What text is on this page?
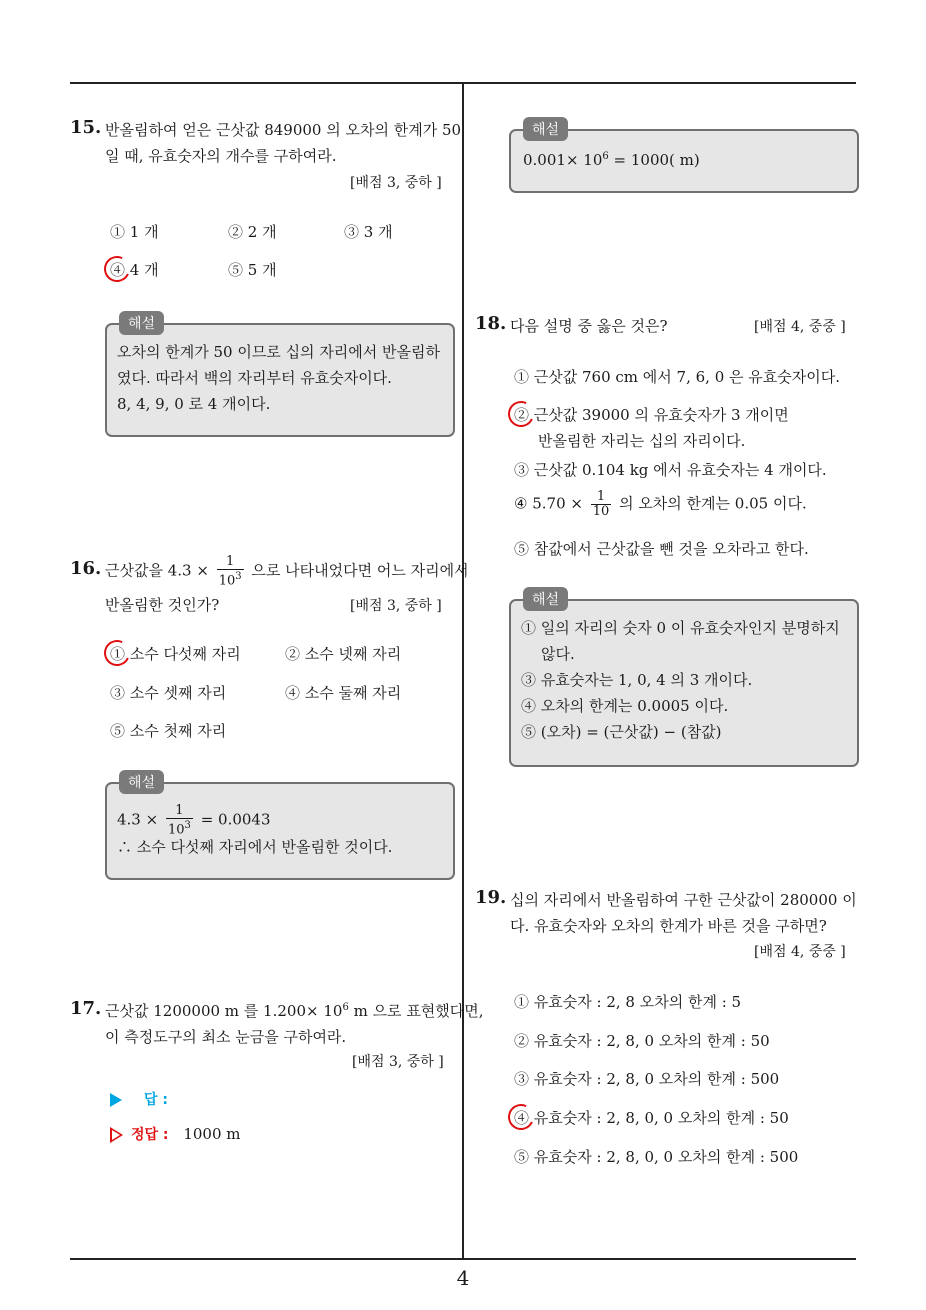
15. 반올림하여 얻은 근삿값 849000 의 오차의 한계가 50
일 때, 유효숫자의 개수를 구하여라.
[배점 3, 중하 ]
① 1 개	② 2 개	③ 3 개
④ 4 개	⑤ 5 개
해설
오차의 한계가 50 이므로 십의 자리에서 반올림하
였다. 따라서 백의 자리부터 유효숫자이다.
8, 4, 9, 0 로 4 개이다.
16. 근삿값을 $4.3 \times \frac{1}{10^3}$ 으로 나타내었다면 어느 자리에서
반올림한 것인가?	[배점 3, 중하 ]
① 소수 다섯째 자리	② 소수 넷째 자리
③ 소수 셋째 자리	④ 소수 둘째 자리
⑤ 소수 첫째 자리
해설
$4.3 \times \frac{1}{10^3} = 0.0043$
∴ 소수 다섯째 자리에서 반올림한 것이다.
17. 근삿값 1200000 m 를 $1.200\times 10^6$ m 으로 표현했다면,
이 측정도구의 최소 눈금을 구하여라.
[배점 3, 중하 ]
답 :
정답 : 1000 m
해설
$0.001\times 10^6 = 1000$( m)
18. 다음 설명 중 옳은 것은?	[배점 4, 중중 ]
① 근삿값 760 cm 에서 7, 6, 0 은 유효숫자이다.
② 근삿값 39000 의 유효숫자가 3 개이면
반올림한 자리는 십의 자리이다.
③ 근삿값 0.104 kg 에서 유효숫자는 4 개이다.
④ $5.70 \times \frac{1}{10}$ 의 오차의 한계는 0.05 이다.
⑤ 참값에서 근삿값을 뺀 것을 오차라고 한다.
해설
① 일의 자리의 숫자 0 이 유효숫자인지 분명하지
않다.
③ 유효숫자는 1, 0, 4 의 3 개이다.
④ 오차의 한계는 0.0005 이다.
⑤ (오차) = (근삿값) − (참값)
19. 십의 자리에서 반올림하여 구한 근삿값이 280000 이
다. 유효숫자와 오차의 한계가 바른 것을 구하면?
[배점 4, 중중 ]
① 유효숫자 : 2, 8 오차의 한계 : 5
② 유효숫자 : 2, 8, 0 오차의 한계 : 50
③ 유효숫자 : 2, 8, 0 오차의 한계 : 500
④ 유효숫자 : 2, 8, 0, 0 오차의 한계 : 50
⑤ 유효숫자 : 2, 8, 0, 0 오차의 한계 : 500
4
